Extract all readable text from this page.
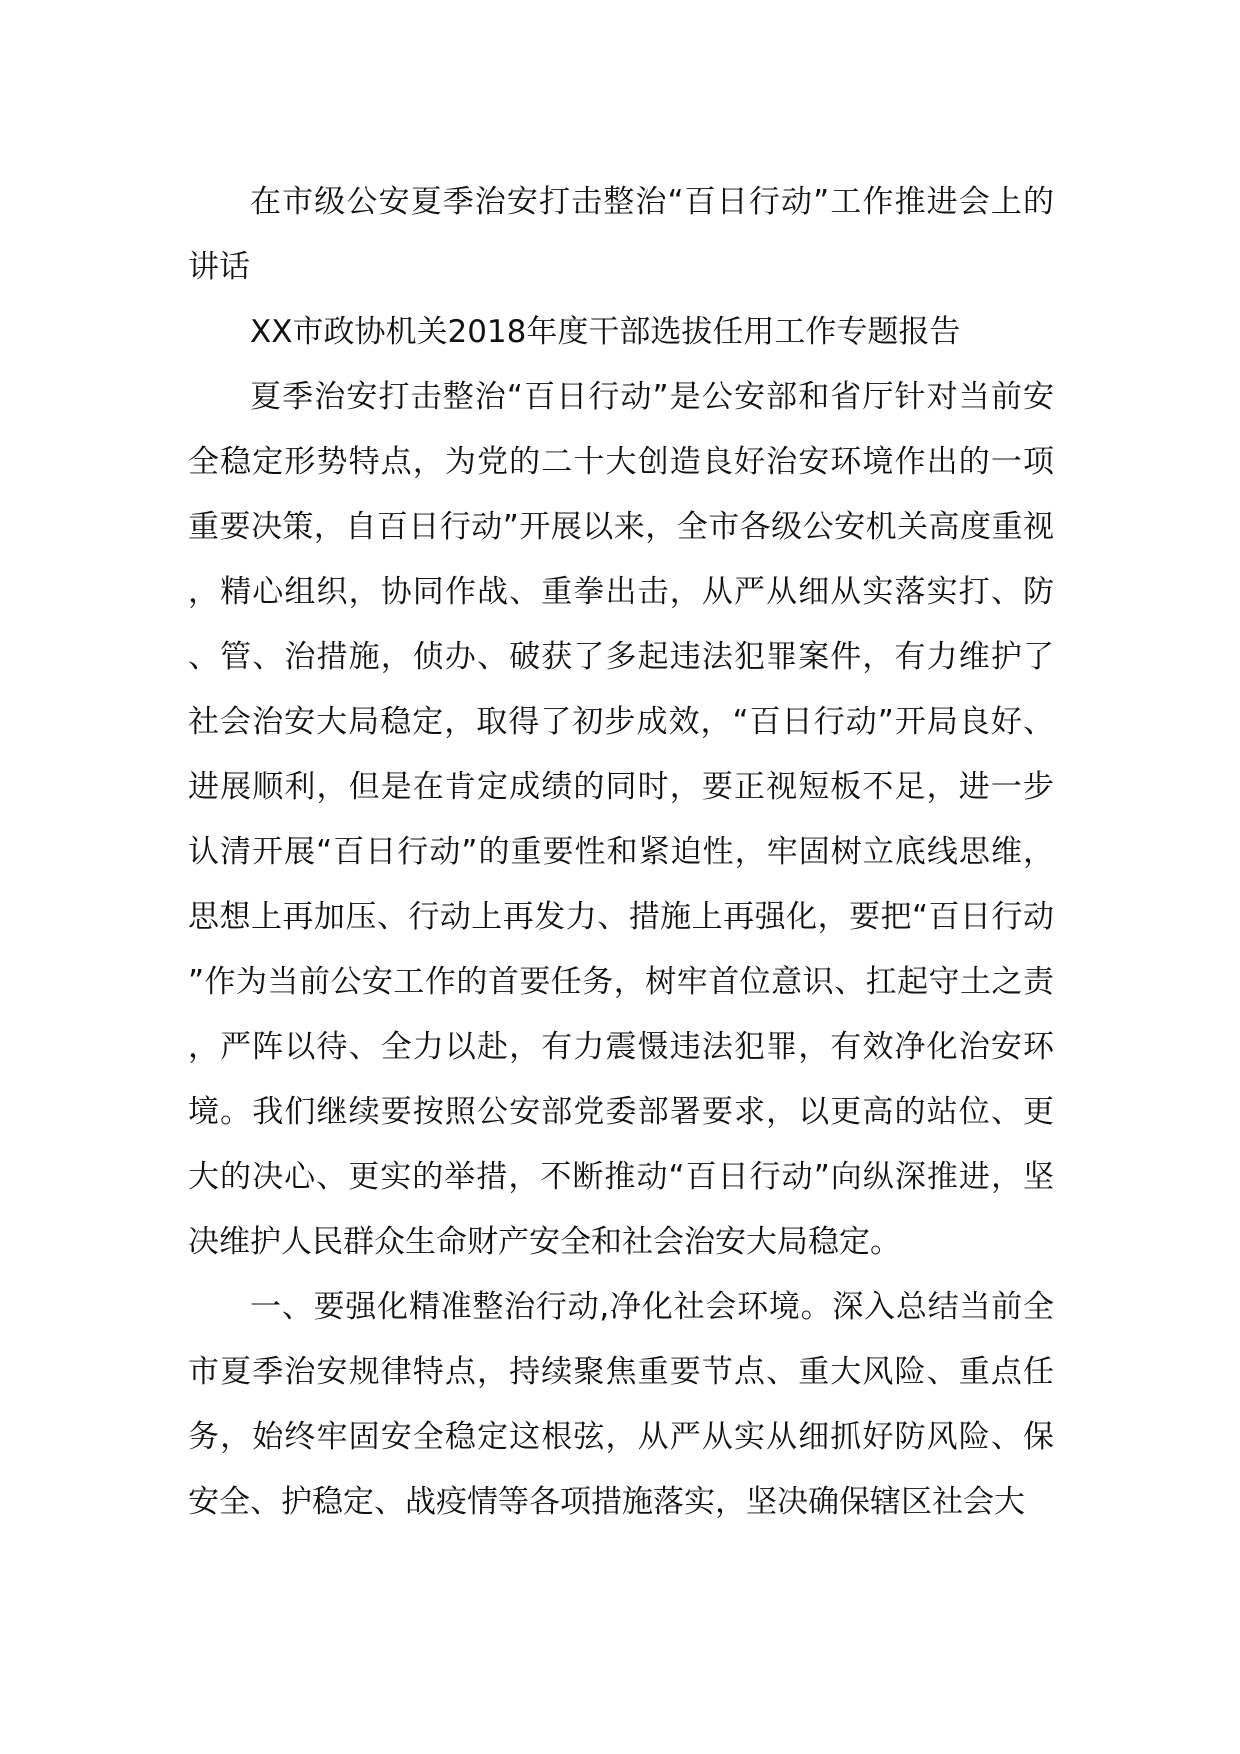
在市级公安夏季治安打击整治“百日行动”工作推进会上的讲话

XX市政协机关2018年度干部选拔任用工作专题报告

夏季治安打击整治“百日行动”是公安部和省厅针对当前安全稳定形势特点，为党的二十大创造良好治安环境作出的一项重要决策，自百日行动”开展以来，全市各级公安机关高度重视，精心组织，协同作战、重拳出击，从严从细从实落实打、防、管、治措施，侦办、破获了多起违法犯罪案件，有力维护了社会治安大局稳定，取得了初步成效，“百日行动”开局良好、进展顺利，但是在肯定成绩的同时，要正视短板不足，进一步认清开展“百日行动”的重要性和紧迫性，牢固树立底线思维，思想上再加压、行动上再发力、措施上再强化，要把“百日行动”作为当前公安工作的首要任务，树牢首位意识、扛起守土之责，严阵以待、全力以赴，有力震慑违法犯罪，有效净化治安环境。我们继续要按照公安部党委部署要求，以更高的站位、更大的决心、更实的举措，不断推动“百日行动”向纵深推进，坚决维护人民群众生命财产安全和社会治安大局稳定。

一、要强化精准整治行动,净化社会环境。深入总结当前全市夏季治安规律特点，持续聚焦重要节点、重大风险、重点任务，始终牢固安全稳定这根弦，从严从实从细抓好防风险、保安全、护稳定、战疫情等各项措施落实，坚决确保辖区社会大
